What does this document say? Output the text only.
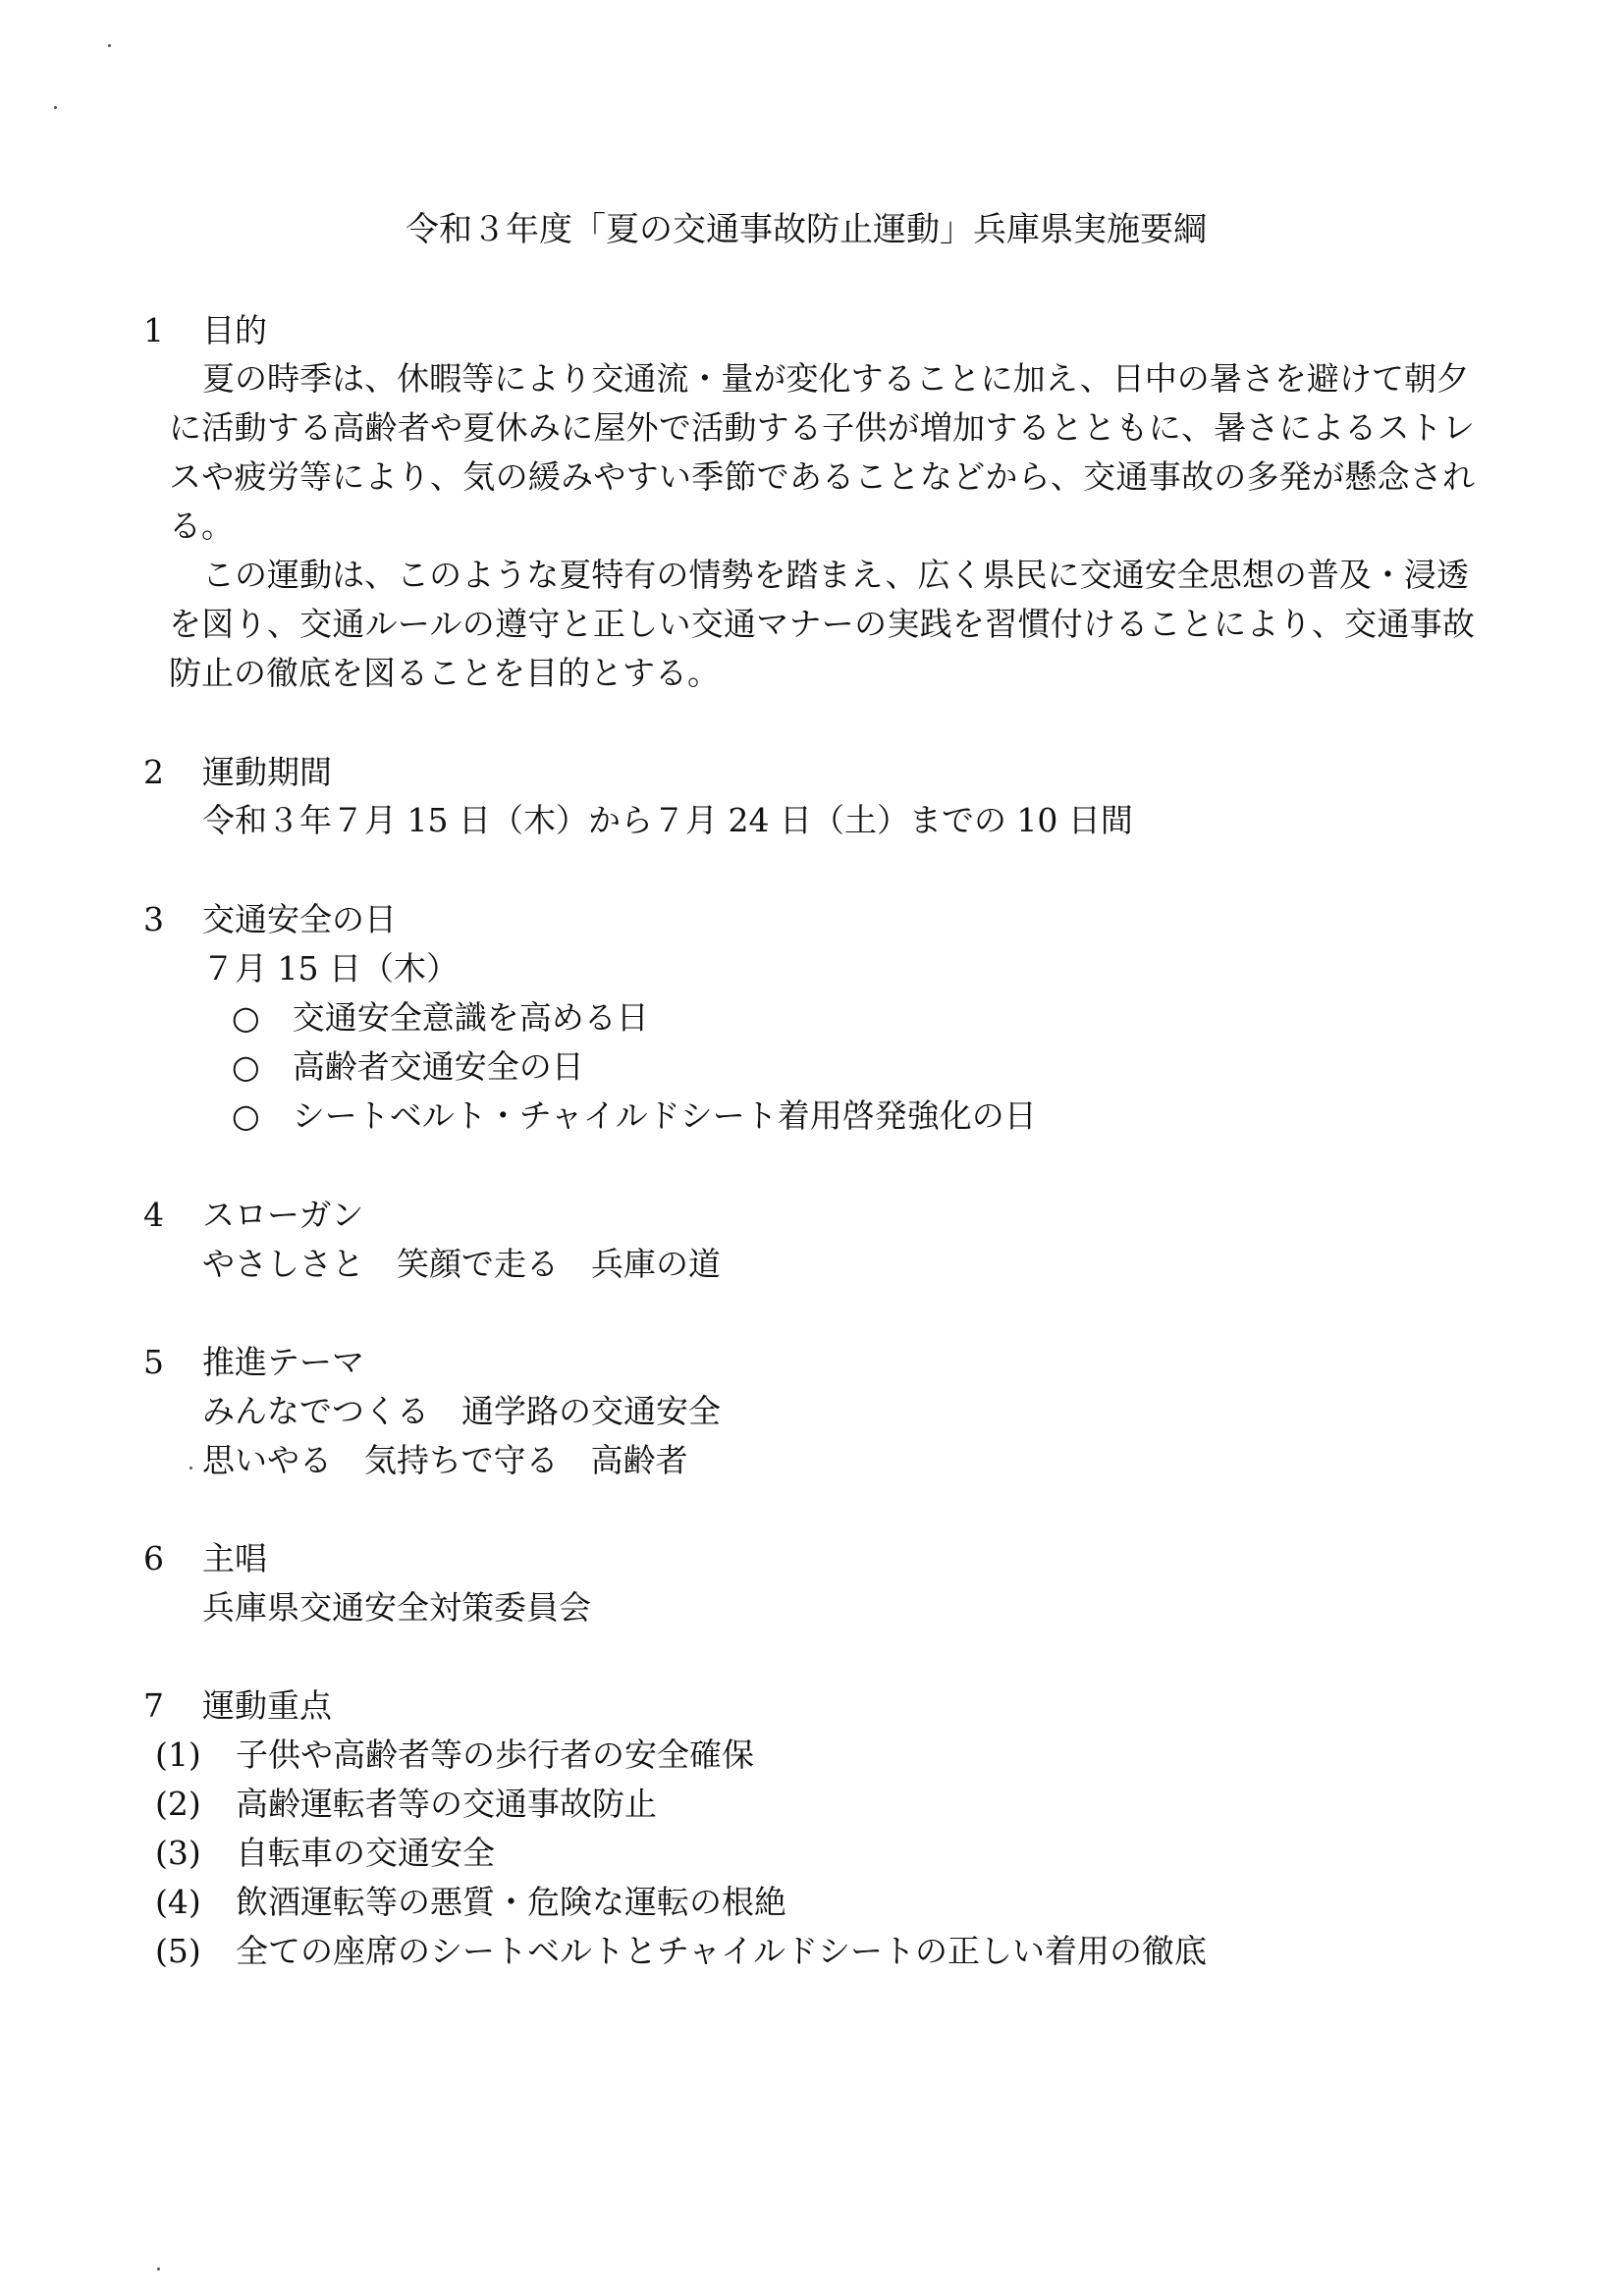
令和３年度「夏の交通事故防止運動」兵庫県実施要綱
1 目的
夏の時季は、休暇等により交通流・量が変化することに加え、日中の暑さを避けて朝夕
に活動する高齢者や夏休みに屋外で活動する子供が増加するとともに、暑さによるストレ
スや疲労等により、気の緩みやすい季節であることなどから、交通事故の多発が懸念され
る。
この運動は、このような夏特有の情勢を踏まえ、広く県民に交通安全思想の普及・浸透
を図り、交通ルールの遵守と正しい交通マナーの実践を習慣付けることにより、交通事故
防止の徹底を図ることを目的とする。
2 運動期間
令和３年７月 15 日（木）から７月 24 日（土）までの 10 日間
3 交通安全の日
７月 15 日（木）
○　交通安全意識を高める日
○　高齢者交通安全の日
○　シートベルト・チャイルドシート着用啓発強化の日
4 スローガン
やさしさと　笑顔で走る　兵庫の道
5 推進テーマ
みんなでつくる　通学路の交通安全
思いやる　気持ちで守る　高齢者
6 主唱
兵庫県交通安全対策委員会
7 運動重点
(1) 子供や高齢者等の歩行者の安全確保
(2) 高齢運転者等の交通事故防止
(3) 自転車の交通安全
(4) 飲酒運転等の悪質・危険な運転の根絶
(5) 全ての座席のシートベルトとチャイルドシートの正しい着用の徹底
